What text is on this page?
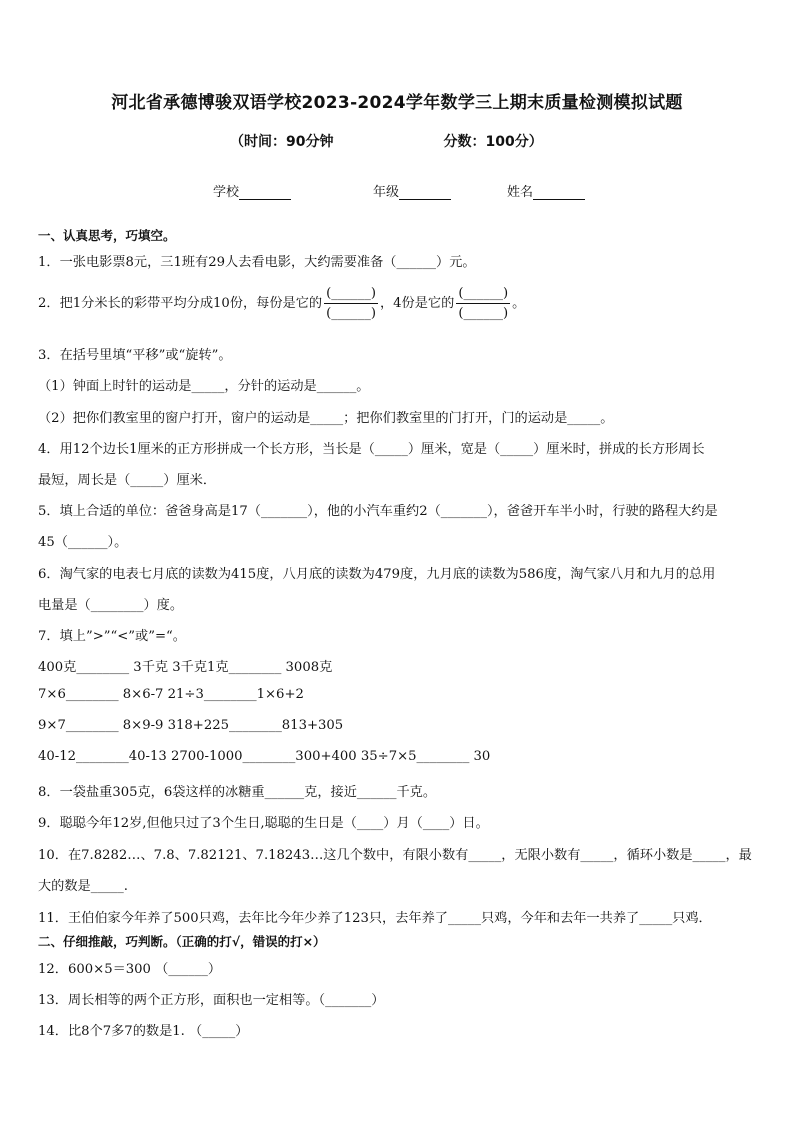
河北省承德博骏双语学校2023-2024学年数学三上期末质量检测模拟试题
（时间：90分钟	分数：100分）
学校	年级	姓名
一、认真思考，巧填空。
1．一张电影票8元，三1班有29人去看电影，大约需要准备（______）元。
2．把1分米长的彩带平均分成10份，每份是它的 $\frac{(\_\_\_\_\_\_)}{(\_\_\_\_\_\_)}$ ，4份是它的 $\frac{(\_\_\_\_\_\_)}{(\_\_\_\_\_\_)}$ 。
3．在括号里填“平移”或“旋转”。
（1）钟面上时针的运动是_____，分针的运动是______。
（2）把你们教室里的窗户打开，窗户的运动是_____；把你们教室里的门打开，门的运动是_____。
4．用12个边长1厘米的正方形拼成一个长方形，当长是（_____）厘米，宽是（_____）厘米时，拼成的长方形周长
最短，周长是（_____）厘米．
5．填上合适的单位：爸爸身高是17（_______），他的小汽车重约2（_______），爸爸开车半小时，行驶的路程大约是
45（______）。
6．淘气家的电表七月底的读数为415度，八月底的读数为479度，九月底的读数为586度，淘气家八月和九月的总用
电量是（________）度。
7．填上”>”“<”或”=“。
400克________ 3千克 3千克1克________ 3008克
7×6________ 8×6-7 21÷3________1×6+2
9×7________ 8×9-9 318+225________813+305
40-12________40-13 2700-1000________300+400 35÷7×5________ 30
8．一袋盐重305克，6袋这样的冰糖重______克，接近______千克。
9．聪聪今年12岁,但他只过了3个生日,聪聪的生日是（____）月（____）日。
10．在7.8282…、7.8、7.82121、7.18243…这几个数中，有限小数有_____，无限小数有_____，循环小数是_____，最
大的数是_____.
11．王伯伯家今年养了500只鸡，去年比今年少养了123只，去年养了_____只鸡，今年和去年一共养了_____只鸡．
二、仔细推敲，巧判断。（正确的打√，错误的打×）
12．600×5＝300 （______）
13．周长相等的两个正方形，面积也一定相等。（_______）
14．比8个7多7的数是1. （_____）
